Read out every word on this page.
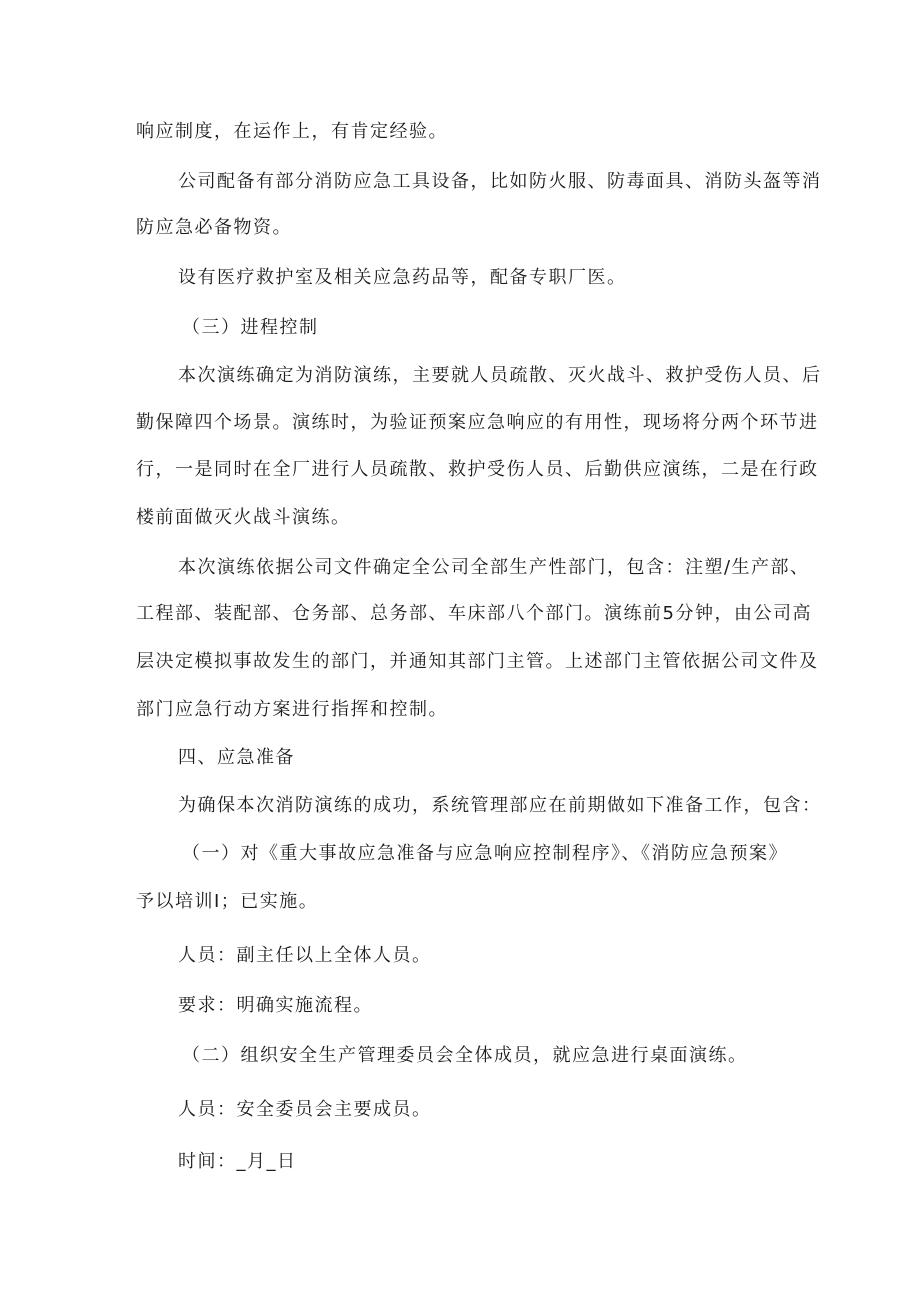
响应制度，在运作上，有肯定经验。
公司配备有部分消防应急工具设备，比如防火服、防毒面具、消防头盔等消
防应急必备物资。
设有医疗救护室及相关应急药品等，配备专职厂医。
（三）进程控制
本次演练确定为消防演练，主要就人员疏散、灭火战斗、救护受伤人员、后
勤保障四个场景。演练时，为验证预案应急响应的有用性，现场将分两个环节进
行，一是同时在全厂进行人员疏散、救护受伤人员、后勤供应演练，二是在行政
楼前面做灭火战斗演练。
本次演练依据公司文件确定全公司全部生产性部门，包含：注塑/生产部、
工程部、装配部、仓务部、总务部、车床部八个部门。演练前5分钟，由公司高
层决定模拟事故发生的部门，并通知其部门主管。上述部门主管依据公司文件及
部门应急行动方案进行指挥和控制。
四、应急准备
为确保本次消防演练的成功，系统管理部应在前期做如下准备工作，包含：
（一）对《重大事故应急准备与应急响应控制程序》、《消防应急预案》
予以培训I；已实施。
人员：副主任以上全体人员。
要求：明确实施流程。
（二）组织安全生产管理委员会全体成员，就应急进行桌面演练。
人员：安全委员会主要成员。
时间：_月_日
